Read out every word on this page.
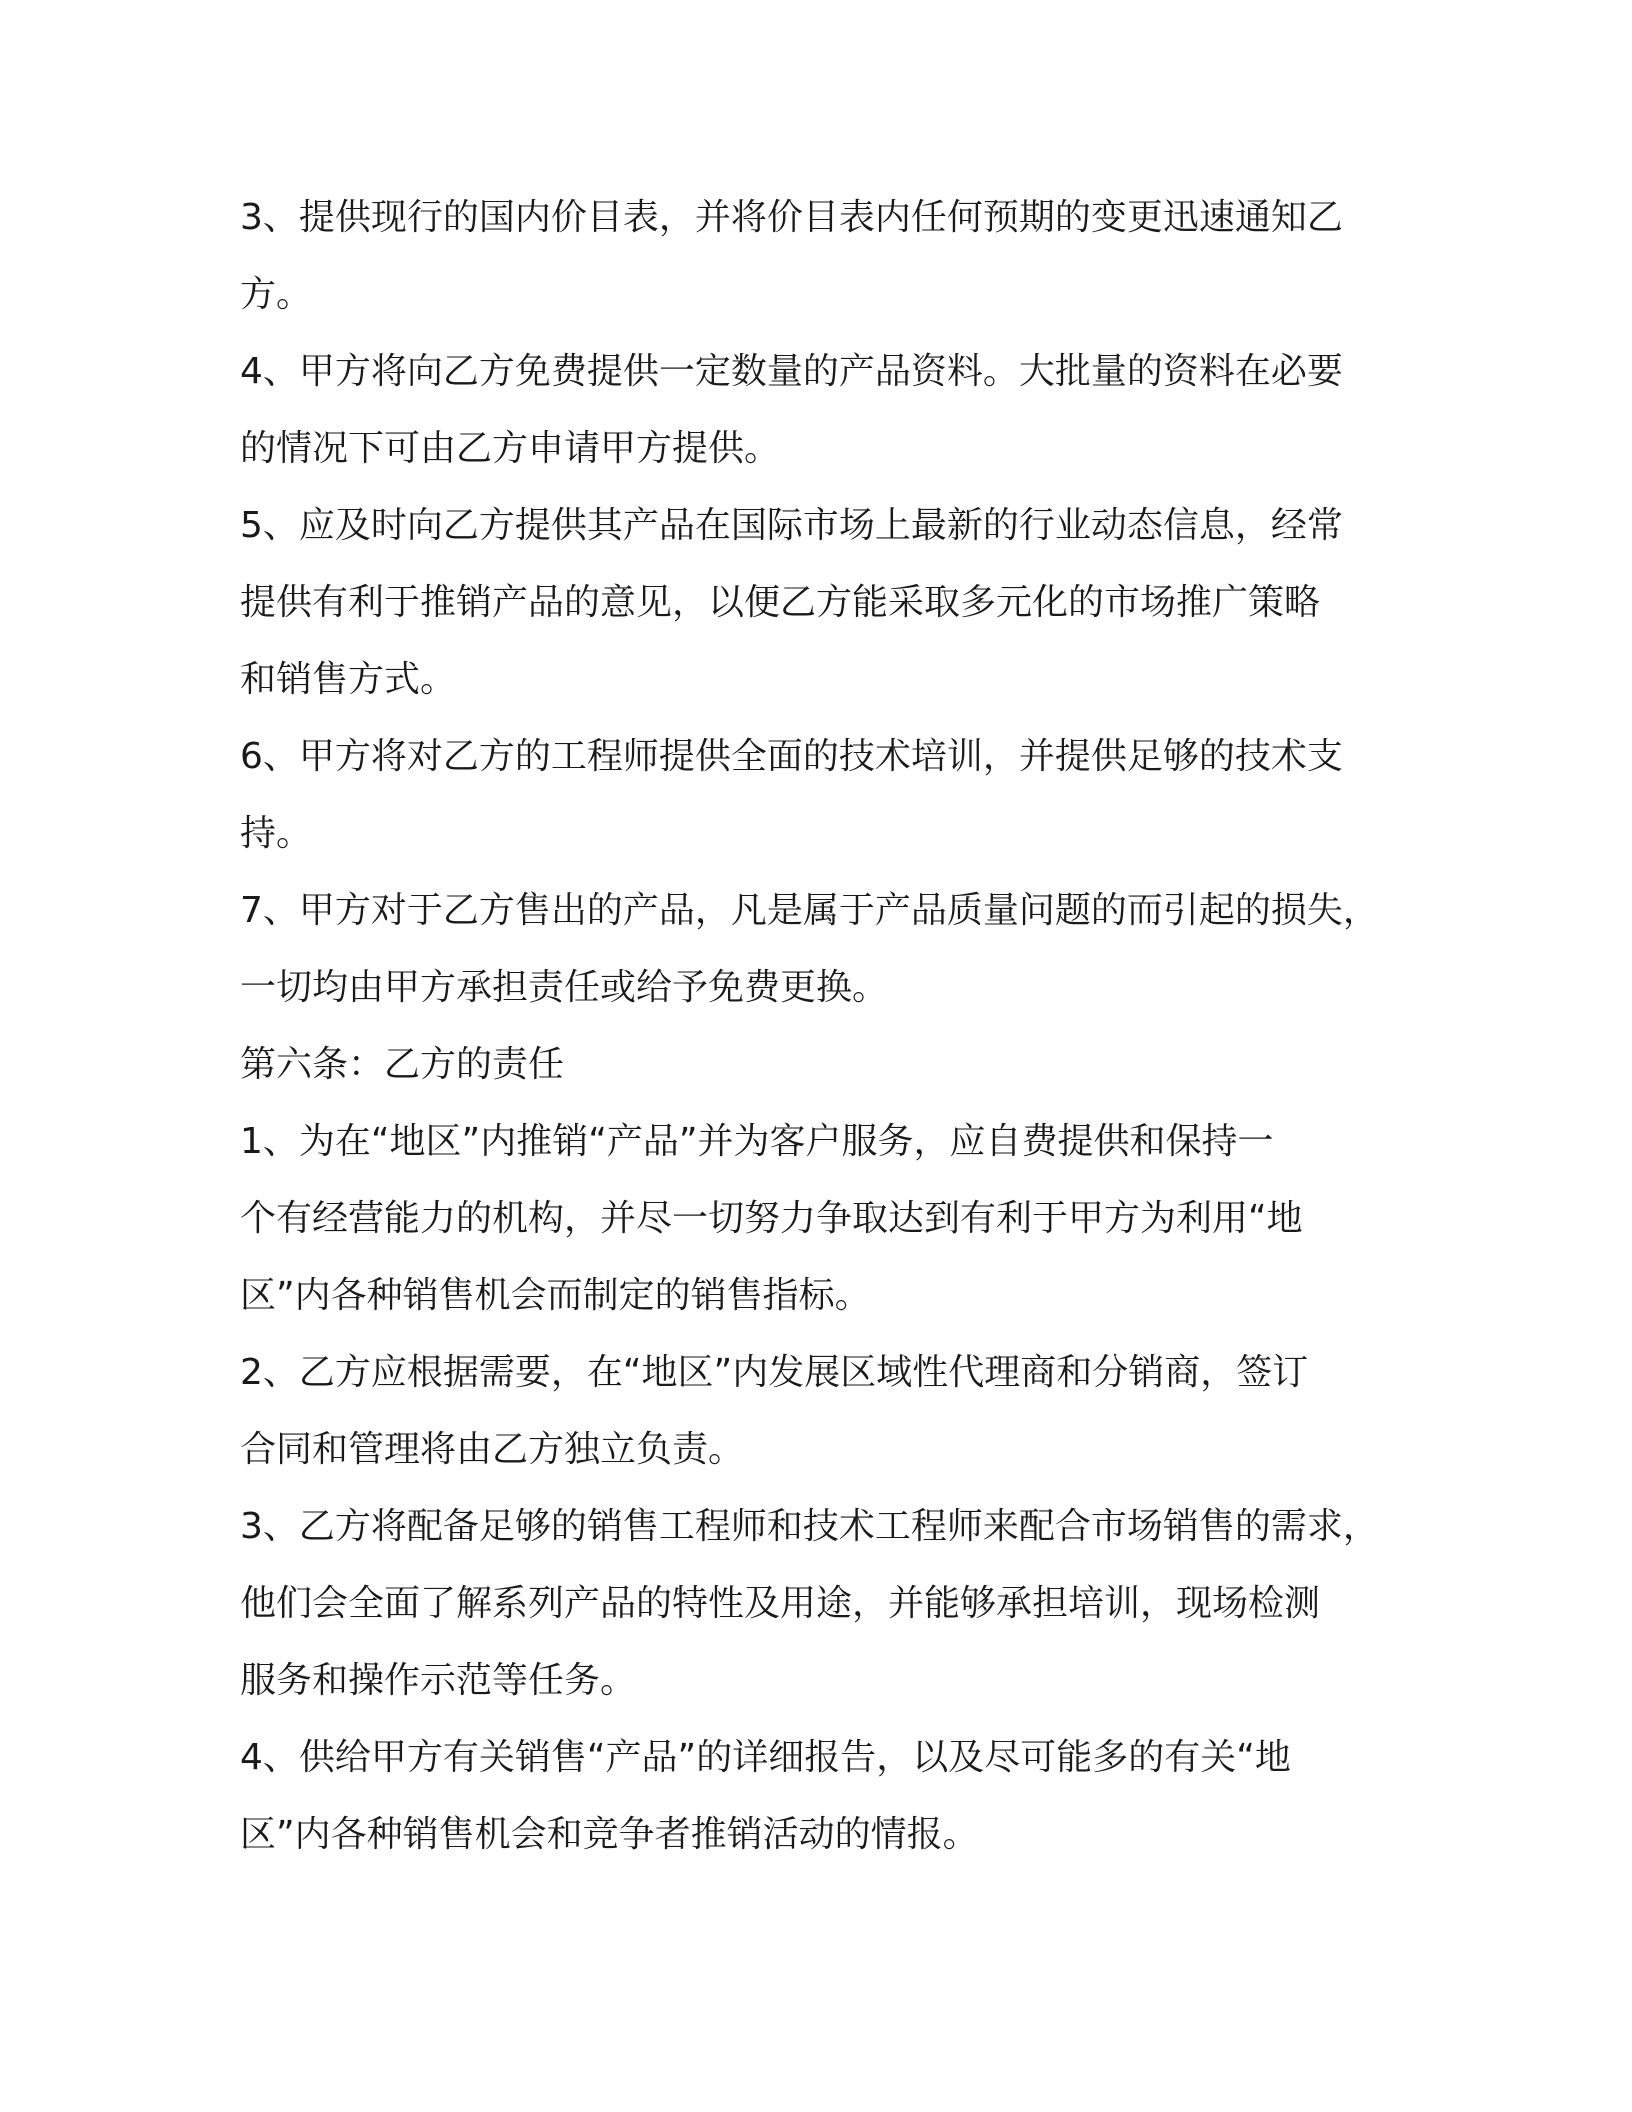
3、提供现行的国内价目表，并将价目表内任何预期的变更迅速通知乙
方。
4、甲方将向乙方免费提供一定数量的产品资料。大批量的资料在必要
的情况下可由乙方申请甲方提供。
5、应及时向乙方提供其产品在国际市场上最新的行业动态信息，经常
提供有利于推销产品的意见，以便乙方能采取多元化的市场推广策略
和销售方式。
6、甲方将对乙方的工程师提供全面的技术培训，并提供足够的技术支
持。
7、甲方对于乙方售出的产品，凡是属于产品质量问题的而引起的损失，
一切均由甲方承担责任或给予免费更换。
第六条：乙方的责任
1、为在“地区”内推销“产品”并为客户服务，应自费提供和保持一
个有经营能力的机构，并尽一切努力争取达到有利于甲方为利用“地
区”内各种销售机会而制定的销售指标。
2、乙方应根据需要，在“地区”内发展区域性代理商和分销商，签订
合同和管理将由乙方独立负责。
3、乙方将配备足够的销售工程师和技术工程师来配合市场销售的需求，
他们会全面了解系列产品的特性及用途，并能够承担培训，现场检测
服务和操作示范等任务。
4、供给甲方有关销售“产品”的详细报告，以及尽可能多的有关“地
区”内各种销售机会和竞争者推销活动的情报。
